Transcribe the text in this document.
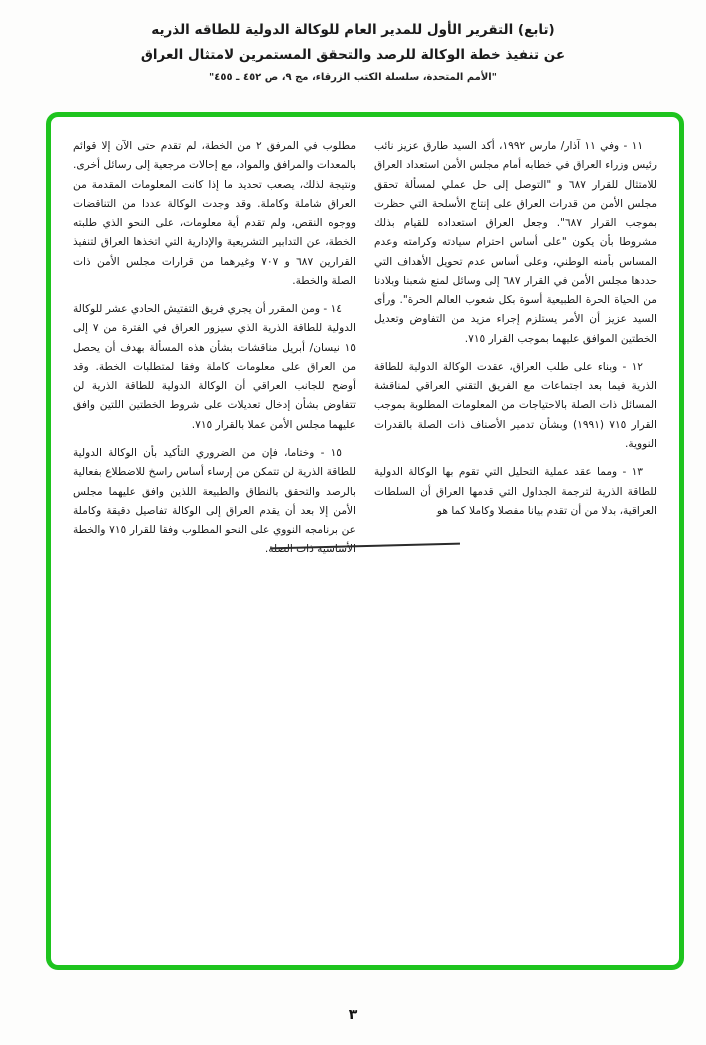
(تابع) التقرير الأول للمدير العام للوكالة الدولية للطاقه الذريه
عن تنفيذ خطة الوكالة للرصد والتحقق المستمرين لامتثال العراق
"الأمم المتحدة، سلسلة الكتب الزرقاء، مج ٩، ص ٤٥٢ ـ ٤٥٥"

١١ - وفي ١١ آذار/ مارس ١٩٩٢، أكد السيد طارق عزيز نائب رئيس وزراء العراق في خطابه أمام مجلس الأمن استعداد العراق للامتثال للقرار ٦٨٧ و "التوصل إلى حل عملي لمسألة تحقق مجلس الأمن من قدرات العراق على إنتاج الأسلحة التي حظرت بموجب القرار ٦٨٧". وجعل العراق استعداده للقيام بذلك مشروطا بأن يكون "على أساس احترام سيادته وكرامته وعدم المساس بأمنه الوطني، وعلى أساس عدم تحويل الأهداف التي حددها مجلس الأمن في القرار ٦٨٧ إلى وسائل لمنع شعبنا وبلادنا من الحياة الحرة الطبيعية أسوة بكل شعوب العالم الحرة". ورأى السيد عزيز أن الأمر يستلزم إجراء مزيد من التفاوض وتعديل الخطتين الموافق عليهما بموجب القرار ٧١٥.

١٢ - وبناء على طلب العراق، عقدت الوكالة الدولية للطاقة الذرية فيما بعد اجتماعات مع الفريق التقني العراقي لمناقشة المسائل ذات الصلة بالاحتياجات من المعلومات المطلوبة بموجب القرار ٧١٥ (١٩٩١) وبشأن تدمير الأصناف ذات الصلة بالقدرات النووية.

١٣ - ومما عقد عملية التحليل التي تقوم بها الوكالة الدولية للطاقة الذرية لترجمة الجداول التي قدمها العراق أن السلطات العراقية، بدلا من أن تقدم بيانا مفصلا وكاملا كما هو

مطلوب في المرفق ٢ من الخطة، لم تقدم حتى الآن إلا قوائم بالمعدات والمرافق والمواد، مع إحالات مرجعية إلى رسائل أخرى. ونتيجة لذلك، يصعب تحديد ما إذا كانت المعلومات المقدمة من العراق شاملة وكاملة. وقد وجدت الوكالة عددا من التناقضات ووجوه النقص، ولم تقدم أية معلومات، على النحو الذي طلبته الخطة، عن التدابير التشريعية والإدارية التي اتخذها العراق لتنفيذ القرارين ٦٨٧ و ٧٠٧ وغيرهما من قرارات مجلس الأمن ذات الصلة والخطة.

١٤ - ومن المقرر أن يجري فريق التفتيش الحادي عشر للوكالة الدولية للطاقة الذرية الذي سيزور العراق في الفترة من ٧ إلى ١٥ نيسان/ أبريل مناقشات بشأن هذه المسألة بهدف أن يحصل من العراق على معلومات كاملة وفقا لمتطلبات الخطة. وقد أوضح للجانب العراقي أن الوكالة الدولية للطاقة الذرية لن تتفاوض بشأن إدخال تعديلات على شروط الخطتين اللتين وافق عليهما مجلس الأمن عملا بالقرار ٧١٥.

١٥ - وختاما، فإن من الضروري التأكيد بأن الوكالة الدولية للطاقة الذرية لن تتمكن من إرساء أساس راسخ للاضطلاع بفعالية بالرصد والتحقق بالنطاق والطبيعة اللذين وافق عليهما مجلس الأمن إلا بعد أن يقدم العراق إلى الوكالة تفاصيل دقيقة وكاملة عن برنامجه النووي على النحو المطلوب وفقا للقرار ٧١٥ والخطة الأساسية ذات الصلة.

٣
